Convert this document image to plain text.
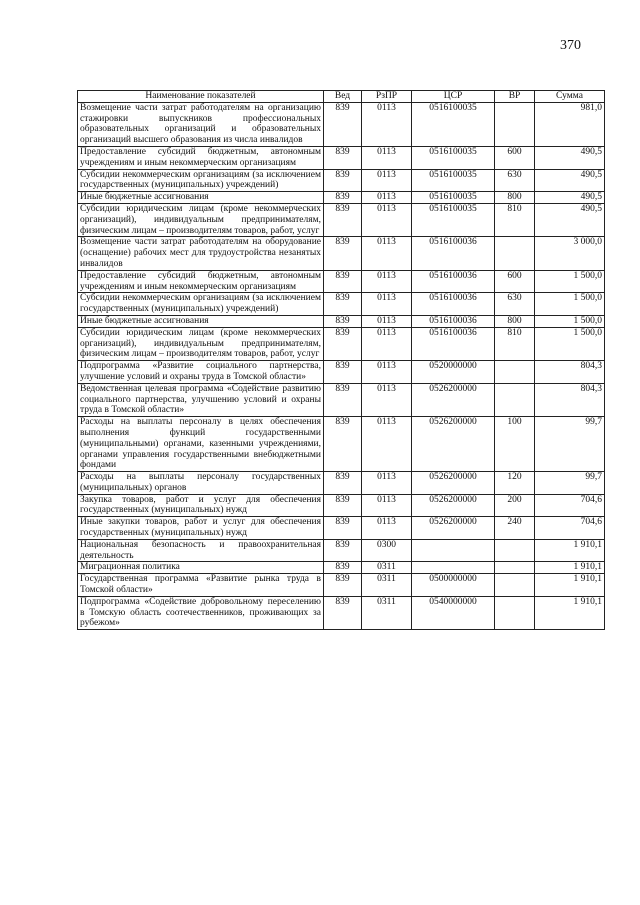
370
Наименование показателей	Вед	РзПР	ЦСР	ВР	Сумма
Возмещение части затрат работодателям на организацию стажировки выпускников профессиональных образовательных организаций и образовательных организаций высшего образования из числа инвалидов	839	0113	0516100035		981,0
Предоставление субсидий бюджетным, автономным учреждениям и иным некоммерческим организациям	839	0113	0516100035	600	490,5
Субсидии некоммерческим организациям (за исключением государственных (муниципальных) учреждений)	839	0113	0516100035	630	490,5
Иные бюджетные ассигнования	839	0113	0516100035	800	490,5
Субсидии юридическим лицам (кроме некоммерческих организаций), индивидуальным предпринимателям, физическим лицам – производителям товаров, работ, услуг	839	0113	0516100035	810	490,5
Возмещение части затрат работодателям на оборудование (оснащение) рабочих мест для трудоустройства незанятых инвалидов	839	0113	0516100036		3 000,0
Предоставление субсидий бюджетным, автономным учреждениям и иным некоммерческим организациям	839	0113	0516100036	600	1 500,0
Субсидии некоммерческим организациям (за исключением государственных (муниципальных) учреждений)	839	0113	0516100036	630	1 500,0
Иные бюджетные ассигнования	839	0113	0516100036	800	1 500,0
Субсидии юридическим лицам (кроме некоммерческих организаций), индивидуальным предпринимателям, физическим лицам – производителям товаров, работ, услуг	839	0113	0516100036	810	1 500,0
Подпрограмма «Развитие социального партнерства, улучшение условий и охраны труда в Томской области»	839	0113	0520000000		804,3
Ведомственная целевая программа «Содействие развитию социального партнерства, улучшению условий и охраны труда в Томской области»	839	0113	0526200000		804,3
Расходы на выплаты персоналу в целях обеспечения выполнения функций государственными (муниципальными) органами, казенными учреждениями, органами управления государственными внебюджетными фондами	839	0113	0526200000	100	99,7
Расходы на выплаты персоналу государственных (муниципальных) органов	839	0113	0526200000	120	99,7
Закупка товаров, работ и услуг для обеспечения государственных (муниципальных) нужд	839	0113	0526200000	200	704,6
Иные закупки товаров, работ и услуг для обеспечения государственных (муниципальных) нужд	839	0113	0526200000	240	704,6
Национальная безопасность и правоохранительная деятельность	839	0300			1 910,1
Миграционная политика	839	0311			1 910,1
Государственная программа «Развитие рынка труда в Томской области»	839	0311	0500000000		1 910,1
Подпрограмма «Содействие добровольному переселению в Томскую область соотечественников, проживающих за рубежом»	839	0311	0540000000		1 910,1
